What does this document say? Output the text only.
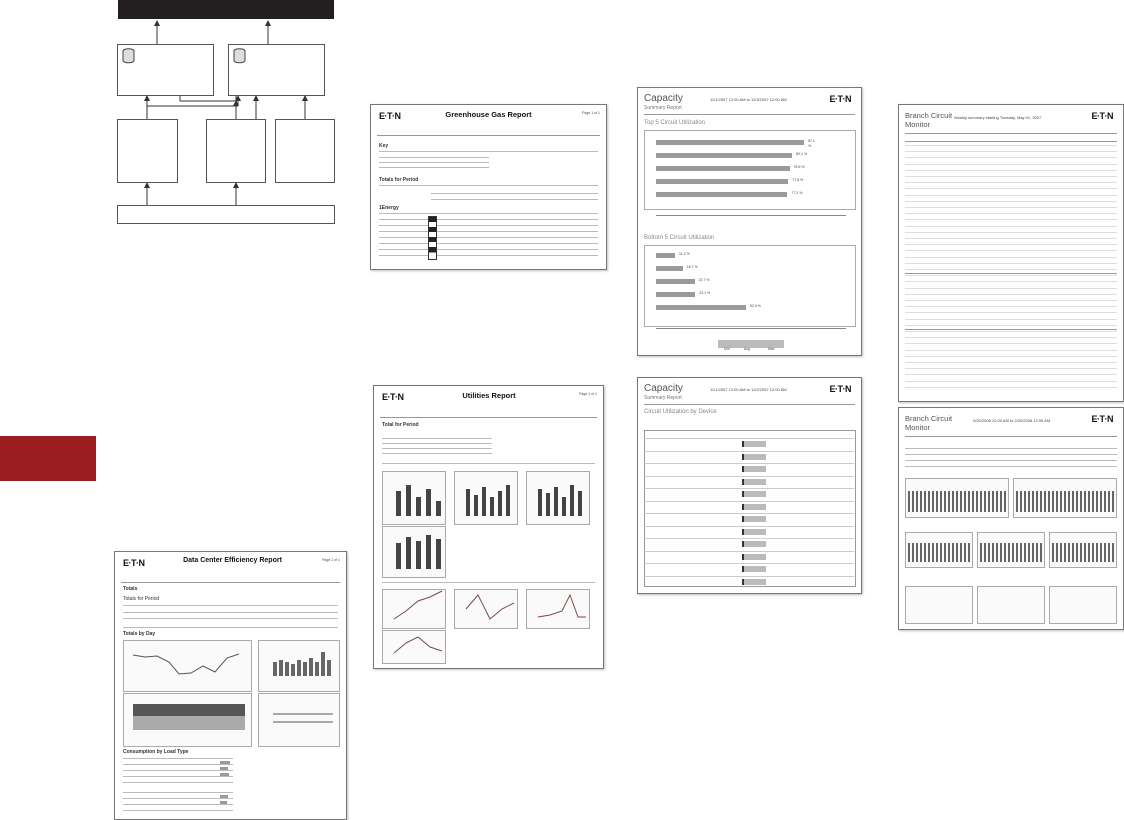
E·T·N	Greenhouse Gas Report	Page 1 of 1
Key
Totals for Period
1Energy
E·T·N	Utilities Report	Page 1 of 1
Total for Period
E·T·N	Data Center Efficiency Report	Page 1 of 1
Totals
Totals for Period
Totals by Day
Consumption by Load Type
Capacity
Summary Report
11/1/2007 12:00 AM to 11/3/2007 12:00 AM	E·T·N
Top 5 Circuit Utilization
87.1 %
80.1 %
78.6 %
77.8 %
77.3 %
Bottom 5 Circuit Utilization
11.2 %
15.7 %
22.7 %
23.1 %
52.9 %
Min	Avg	Max
Capacity
Summary Report
11/1/2007 12:00 AM to 11/2/2007 12:00 AM	E·T·N
Circuit Utilization by Device
Branch Circuit
Monitor
Weekly summary starting Tuesday, May 01, 2007	E·T·N
Branch Circuit
Monitor
2/20/2008 12:00 AM to 2/20/2008 12:00 AM	E·T·N
